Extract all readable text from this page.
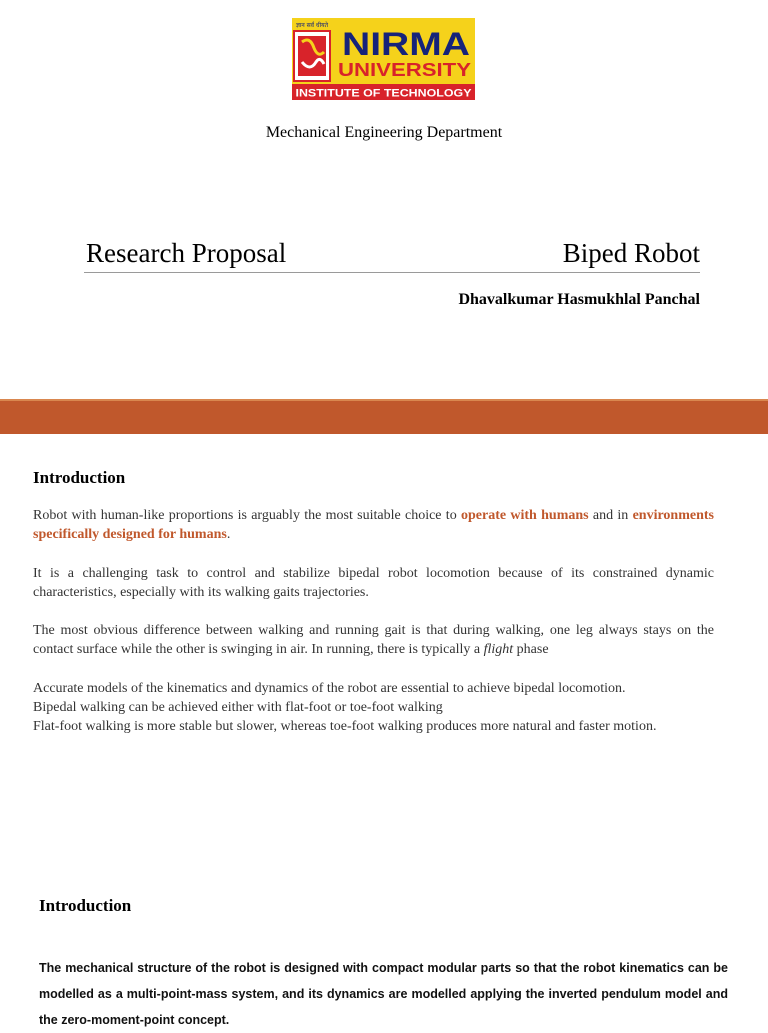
ज्ञान सर्वं धीयते
NIRMA
UNIVERSITY
INSTITUTE OF TECHNOLOGY
Mechanical Engineering Department
Research Proposal	Biped Robot
Dhavalkumar Hasmukhlal Panchal
Introduction
Robot with human-like proportions is arguably the most suitable choice to operate with humans and in environments specifically designed for humans.
It is a challenging task to control and stabilize bipedal robot locomotion because of its constrained dynamic characteristics, especially with its walking gaits trajectories.
The most obvious difference between walking and running gait is that during walking, one leg always stays on the contact surface while the other is swinging in air. In running, there is typically a flight phase
Accurate models of the kinematics and dynamics of the robot are essential to achieve bipedal locomotion.
Bipedal walking can be achieved either with flat-foot or toe-foot walking
Flat-foot walking is more stable but slower, whereas toe-foot walking produces more natural and faster motion.
Introduction
The mechanical structure of the robot is designed with compact modular parts so that the robot kinematics can be modelled as a multi-point-mass system, and its dynamics are modelled applying the inverted pendulum model and the zero-moment-point concept.
